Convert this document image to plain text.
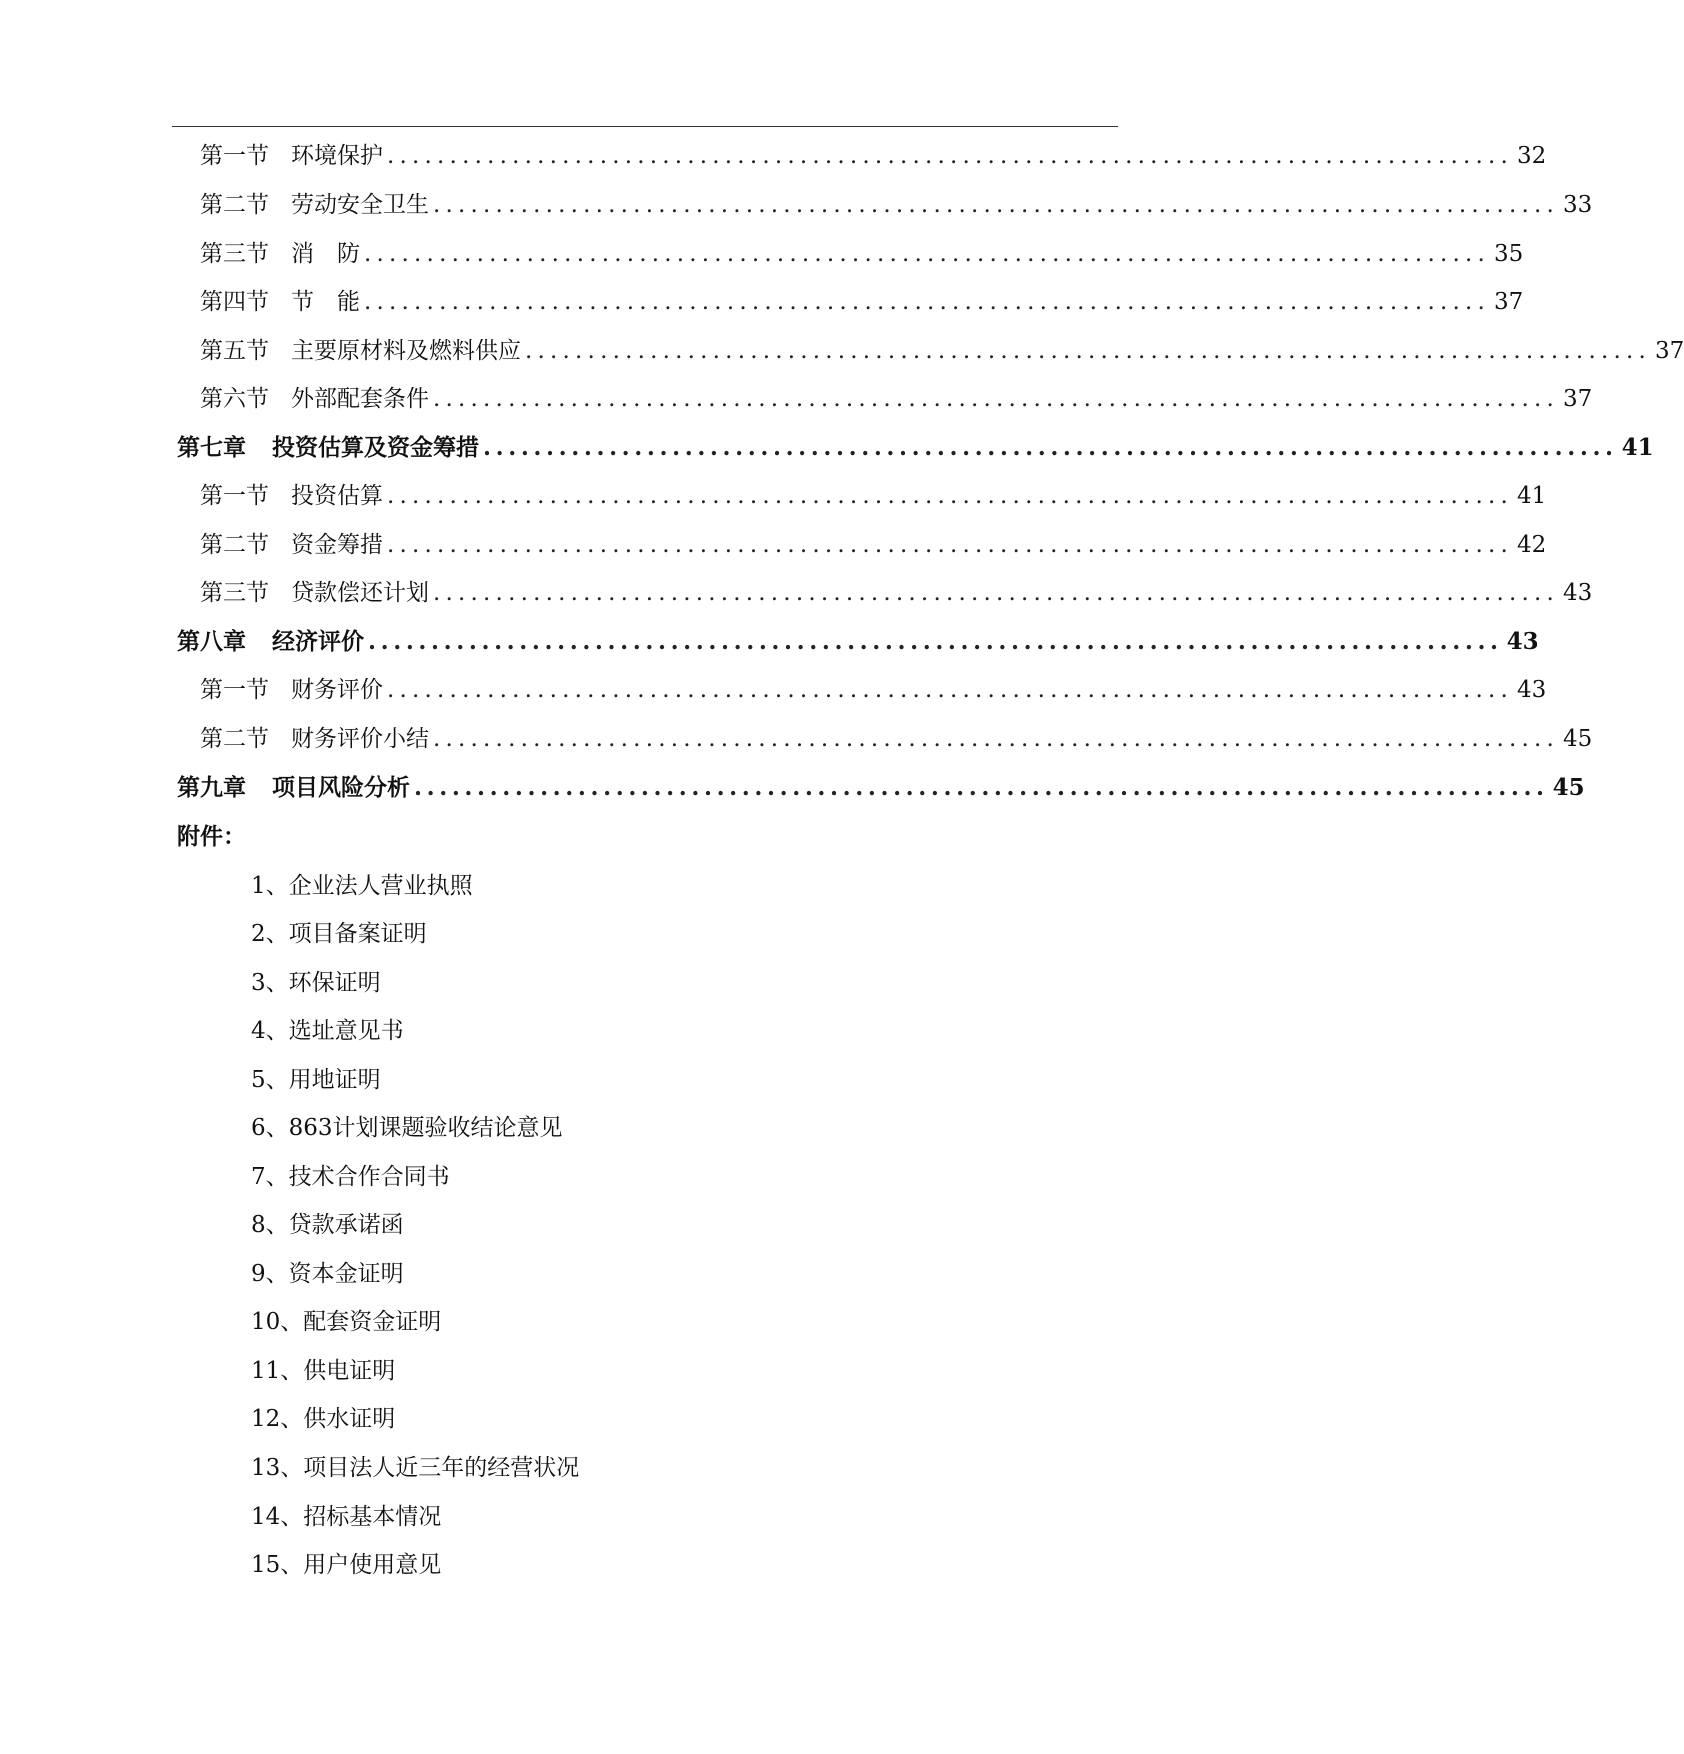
第一节 环境保护 .......................................................................................... 32
第二节 劳动安全卫生 .......................................................................................... 33
第三节 消　防 .......................................................................................... 35
第四节 节　能 .......................................................................................... 37
第五节 主要原材料及燃料供应 .......................................................................................... 37
第六节 外部配套条件 .......................................................................................... 37
第七章 投资估算及资金筹措 .......................................................................................... 41
第一节 投资估算 .......................................................................................... 41
第二节 资金筹措 .......................................................................................... 42
第三节 贷款偿还计划 .......................................................................................... 43
第八章 经济评价 .......................................................................................... 43
第一节 财务评价 .......................................................................................... 43
第二节 财务评价小结 .......................................................................................... 45
第九章 项目风险分析 .......................................................................................... 45
附件：
1、企业法人营业执照
2、项目备案证明
3、环保证明
4、选址意见书
5、用地证明
6、863计划课题验收结论意见
7、技术合作合同书
8、贷款承诺函
9、资本金证明
10、配套资金证明
11、供电证明
12、供水证明
13、项目法人近三年的经营状况
14、招标基本情况
15、用户使用意见
